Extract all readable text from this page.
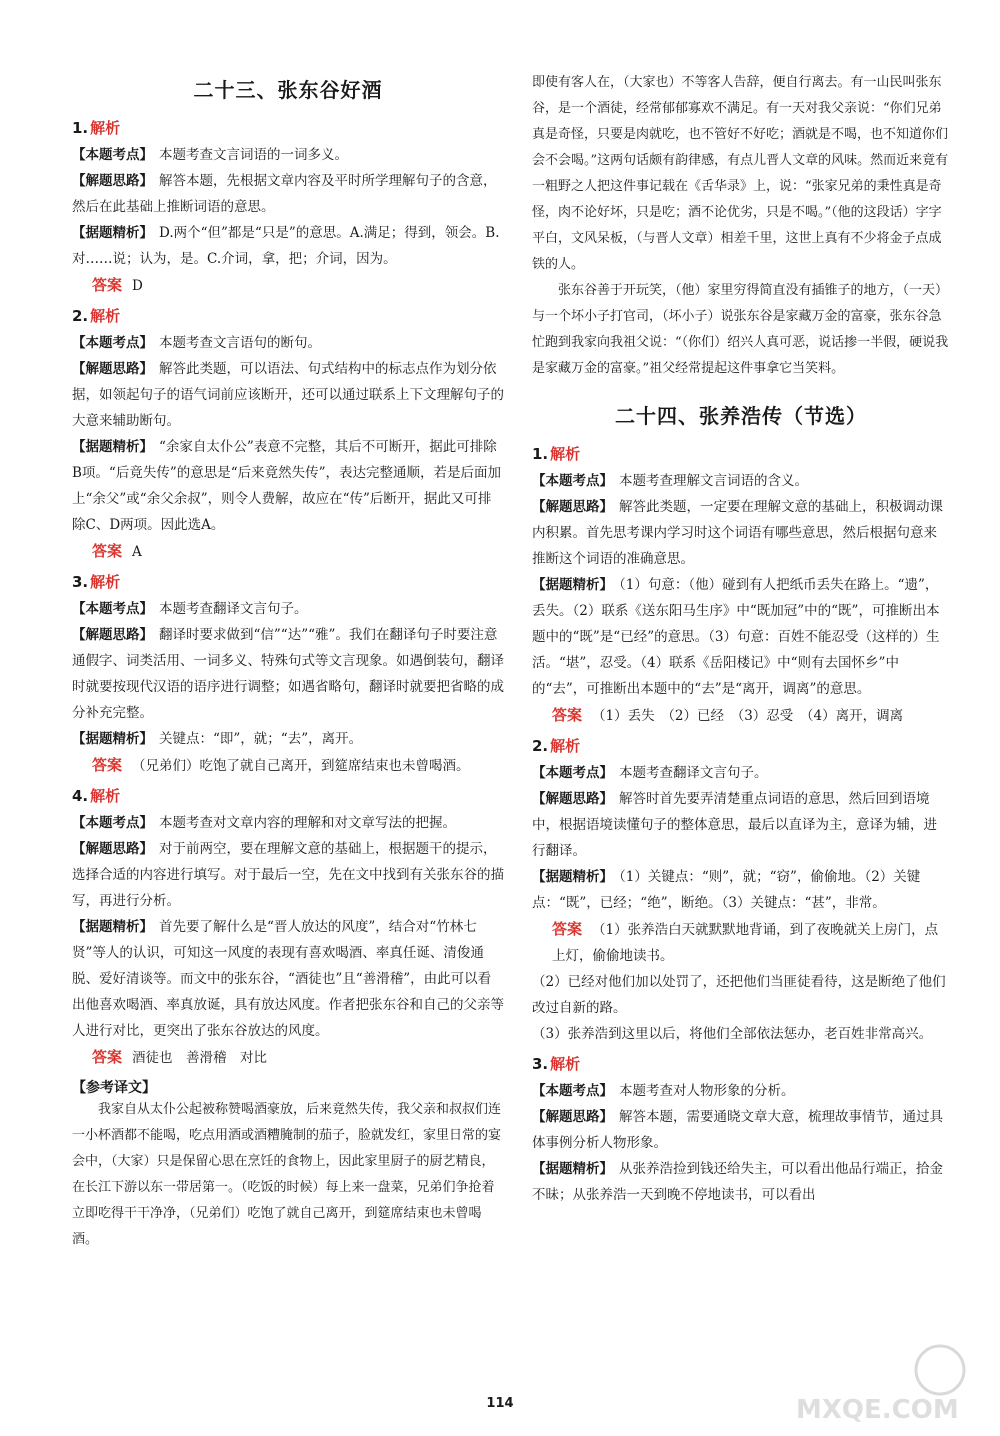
二十三、张东谷好酒
1. 解析
【本题考点】 本题考查文言词语的一词多义。
【解题思路】 解答本题，先根据文章内容及平时所学理解句子的含意，然后在此基础上推断词语的意思。
【据题精析】 D.两个“但”都是“只是”的意思。A.满足；得到，领会。B.对……说；认为，是。C.介词，拿，把；介词，因为。
答案 D
2. 解析
【本题考点】 本题考查文言语句的断句。
【解题思路】 解答此类题，可以语法、句式结构中的标志点作为划分依据，如领起句子的语气词前应该断开，还可以通过联系上下文理解句子的大意来辅助断句。
【据题精析】 “余家自太仆公”表意不完整，其后不可断开，据此可排除B项。“后竟失传”的意思是“后来竟然失传”，表达完整通顺，若是后面加上“余父”或“余父余叔”，则令人费解，故应在“传”后断开，据此又可排除C、D两项。因此选A。
答案 A
3. 解析
【本题考点】 本题考查翻译文言句子。
【解题思路】 翻译时要求做到“信”“达”“雅”。我们在翻译句子时要注意通假字、词类活用、一词多义、特殊句式等文言现象。如遇倒装句，翻译时就要按现代汉语的语序进行调整；如遇省略句，翻译时就要把省略的成分补充完整。
【据题精析】 关键点：“即”，就；“去”，离开。
答案 （兄弟们）吃饱了就自己离开，到筵席结束也未曾喝酒。
4. 解析
【本题考点】 本题考查对文章内容的理解和对文章写法的把握。
【解题思路】 对于前两空，要在理解文意的基础上，根据题干的提示，选择合适的内容进行填写。对于最后一空，先在文中找到有关张东谷的描写，再进行分析。
【据题精析】 首先要了解什么是“晋人放达的风度”，结合对“竹林七贤”等人的认识，可知这一风度的表现有喜欢喝酒、率真任诞、清俊通脱、爱好清谈等。而文中的张东谷，“酒徒也”且“善滑稽”，由此可以看出他喜欢喝酒、率真放诞，具有放达风度。作者把张东谷和自己的父亲等人进行对比，更突出了张东谷放达的风度。
答案 酒徒也　善滑稽　对比
【参考译文】

我家自从太仆公起被称赞喝酒豪放，后来竟然失传，我父亲和叔叔们连一小杯酒都不能喝，吃点用酒或酒糟腌制的茄子，脸就发红，家里日常的宴会中，（大家）只是保留心思在烹饪的食物上，因此家里厨子的厨艺精良，在长江下游以东一带居第一。（吃饭的时候）每上来一盘菜，兄弟们争抢着立即吃得干干净净，（兄弟们）吃饱了就自己离开，到筵席结束也未曾喝酒。

即使有客人在，（大家也）不等客人告辞，便自行离去。有一山民叫张东谷，是一个酒徒，经常郁郁寡欢不满足。有一天对我父亲说：“你们兄弟真是奇怪，只要是肉就吃，也不管好不好吃；酒就是不喝，也不知道你们会不会喝。”这两句话颇有韵律感，有点儿晋人文章的风味。然而近来竟有一粗野之人把这件事记载在《舌华录》上，说：“张家兄弟的秉性真是奇怪，肉不论好坏，只是吃；酒不论优劣，只是不喝。”（他的这段话）字字平白，文风呆板，（与晋人文章）相差千里，这世上真有不少将金子点成铁的人。

张东谷善于开玩笑，（他）家里穷得简直没有插锥子的地方，（一天）与一个坏小子打官司，（坏小子）说张东谷是家藏万金的富豪，张东谷急忙跑到我家向我祖父说：“（你们）绍兴人真可恶，说话掺一半假，硬说我是家藏万金的富豪。”祖父经常提起这件事拿它当笑料。

二十四、张养浩传（节选）
1. 解析
【本题考点】 本题考查理解文言词语的含义。
【解题思路】 解答此类题，一定要在理解文意的基础上，积极调动课内积累。首先思考课内学习时这个词语有哪些意思，然后根据句意来推断这个词语的准确意思。
【据题精析】 （1）句意：（他）碰到有人把纸币丢失在路上。“遗”，丢失。（2）联系《送东阳马生序》中“既加冠”中的“既”，可推断出本题中的“既”是“已经”的意思。（3）句意：百姓不能忍受（这样的）生活。“堪”，忍受。（4）联系《岳阳楼记》中“则有去国怀乡”中的“去”，可推断出本题中的“去”是“离开，调离”的意思。
答案 （1）丢失　（2）已经　（3）忍受　（4）离开，调离
2. 解析
【本题考点】 本题考查翻译文言句子。
【解题思路】 解答时首先要弄清楚重点词语的意思，然后回到语境中，根据语境读懂句子的整体意思，最后以直译为主，意译为辅，进行翻译。
【据题精析】 （1）关键点：“则”，就；“窃”，偷偷地。（2）关键点：“既”，已经；“绝”，断绝。（3）关键点：“甚”，非常。
答案 （1）张养浩白天就默默地背诵，到了夜晚就关上房门，点上灯，偷偷地读书。
（2）已经对他们加以处罚了，还把他们当匪徒看待，这是断绝了他们改过自新的路。
（3）张养浩到这里以后，将他们全部依法惩办，老百姓非常高兴。
3. 解析
【本题考点】 本题考查对人物形象的分析。
【解题思路】 解答本题，需要通晓文章大意，梳理故事情节，通过具体事例分析人物形象。
【据题精析】 从张养浩捡到钱还给失主，可以看出他品行端正，拾金不昧；从张养浩一天到晚不停地读书，可以看出
114	MXQE.COM
